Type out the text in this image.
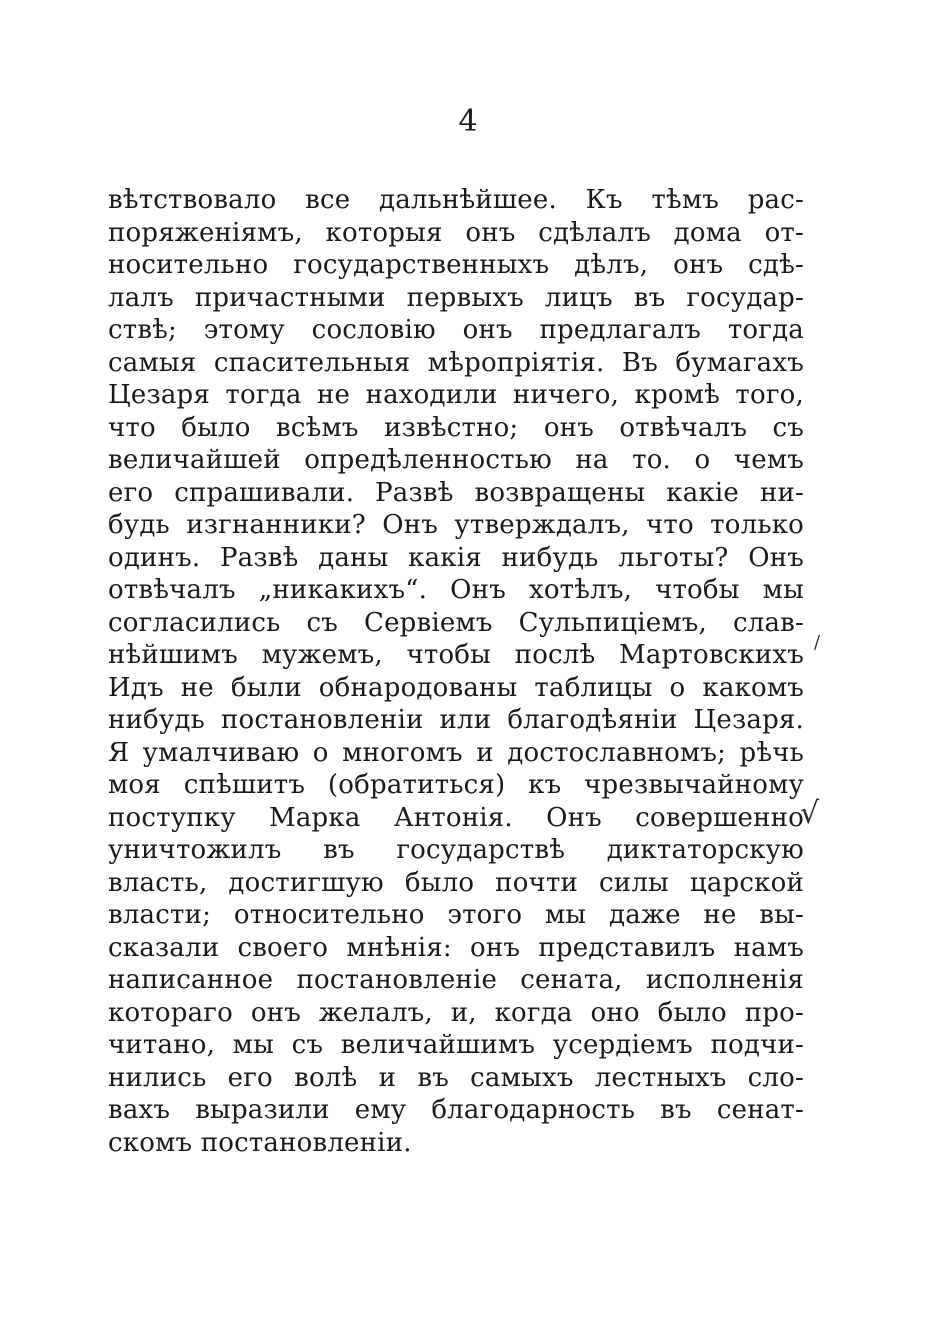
4
вѣтствовало все дальнѣйшее. Къ тѣмъ рас-
поряженіямъ, которыя онъ сдѣлалъ дома от-
носительно государственныхъ дѣлъ, онъ сдѣ-
лалъ причастными первыхъ лицъ въ государ-
ствѣ; этому сословію онъ предлагалъ тогда
самыя спасительныя мѣропріятія. Въ бумагахъ
Цезаря тогда не находили ничего, кромѣ того,
что было всѣмъ извѣстно; онъ отвѣчалъ съ
величайшей опредѣленностью на то. о чемъ
его спрашивали. Развѣ возвращены какіе ни-
будь изгнанники? Онъ утверждалъ, что только
одинъ. Развѣ даны какія нибудь льготы? Онъ
отвѣчалъ „никакихъ“. Онъ хотѣлъ, чтобы мы
согласились съ Сервіемъ Сульпиціемъ, слав-
нѣйшимъ мужемъ, чтобы послѣ Мартовскихъ
Идъ не были обнародованы таблицы о какомъ
нибудь постановленіи или благодѣяніи Цезаря.
Я умалчиваю о многомъ и достославномъ; рѣчь
моя спѣшитъ (обратиться) къ чрезвычайному
поступку Марка Антонія. Онъ совершенно
уничтожилъ въ государствѣ диктаторскую
власть, достигшую было почти силы царской
власти; относительно этого мы даже не вы-
сказали своего мнѣнія: онъ представилъ намъ
написанное постановленіе сената, исполненія
котораго онъ желалъ, и, когда оно было про-
читано, мы съ величайшимъ усердіемъ подчи-
нились его волѣ и въ самыхъ лестныхъ сло-
вахъ выразили ему благодарность въ сенат-
скомъ постановленіи.
/
√
